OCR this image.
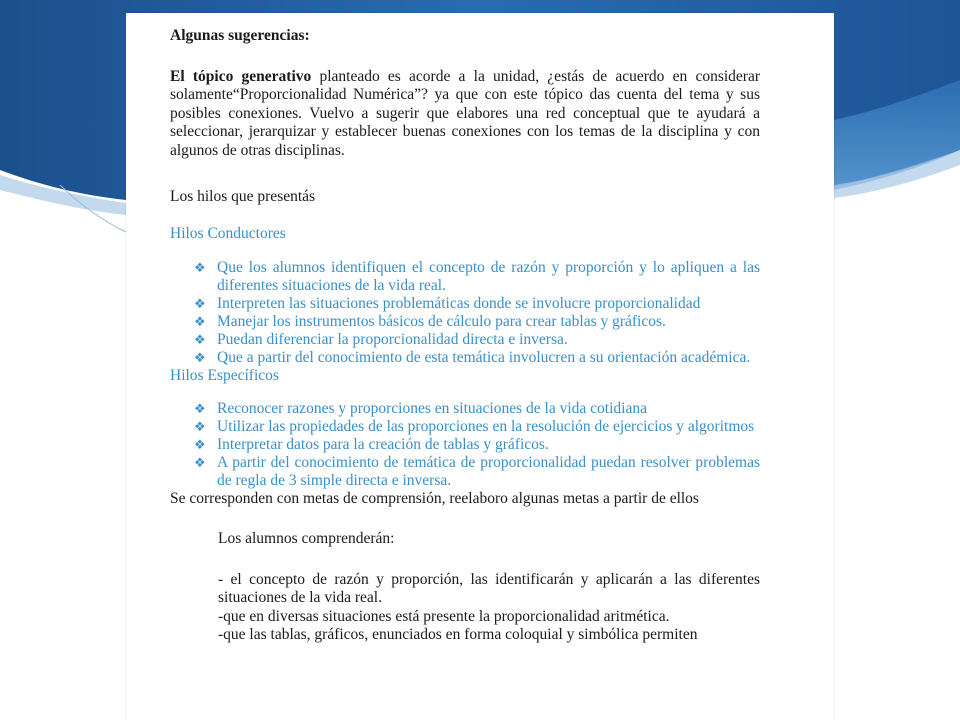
Algunas sugerencias:

El tópico generativo planteado es acorde a la unidad, ¿estás de acuerdo en considerar solamente“Proporcionalidad Numérica”? ya que con este tópico das cuenta del tema y sus posibles conexiones. Vuelvo a sugerir que elabores una red conceptual que te ayudará a seleccionar, jerarquizar y establecer buenas conexiones con los temas de la disciplina y con algunos de otras disciplinas.

Los hilos que presentás

Hilos Conductores

❖ Que los alumnos identifiquen el concepto de razón y proporción y lo apliquen a las diferentes situaciones de la vida real.
❖ Interpreten las situaciones problemáticas donde se involucre proporcionalidad
❖ Manejar los instrumentos básicos de cálculo para crear tablas y gráficos.
❖ Puedan diferenciar la proporcionalidad directa e inversa.
❖ Que a partir del conocimiento de esta temática involucren a su orientación académica.

Hilos Específicos

❖ Reconocer razones y proporciones en situaciones de la vida cotidiana
❖ Utilizar las propiedades de las proporciones en la resolución de ejercicios y algoritmos
❖ Interpretar datos para la creación de tablas y gráficos.
❖ A partir del conocimiento de temática de proporcionalidad puedan resolver problemas de regla de 3 simple directa e inversa.

Se corresponden con metas de comprensión, reelaboro algunas metas a partir de ellos

Los alumnos comprenderán:

- el concepto de razón y proporción, las identificarán y aplicarán a las diferentes situaciones de la vida real.

-que en diversas situaciones está presente la proporcionalidad aritmética.

-que las tablas, gráficos, enunciados en forma coloquial y simbólica permiten
